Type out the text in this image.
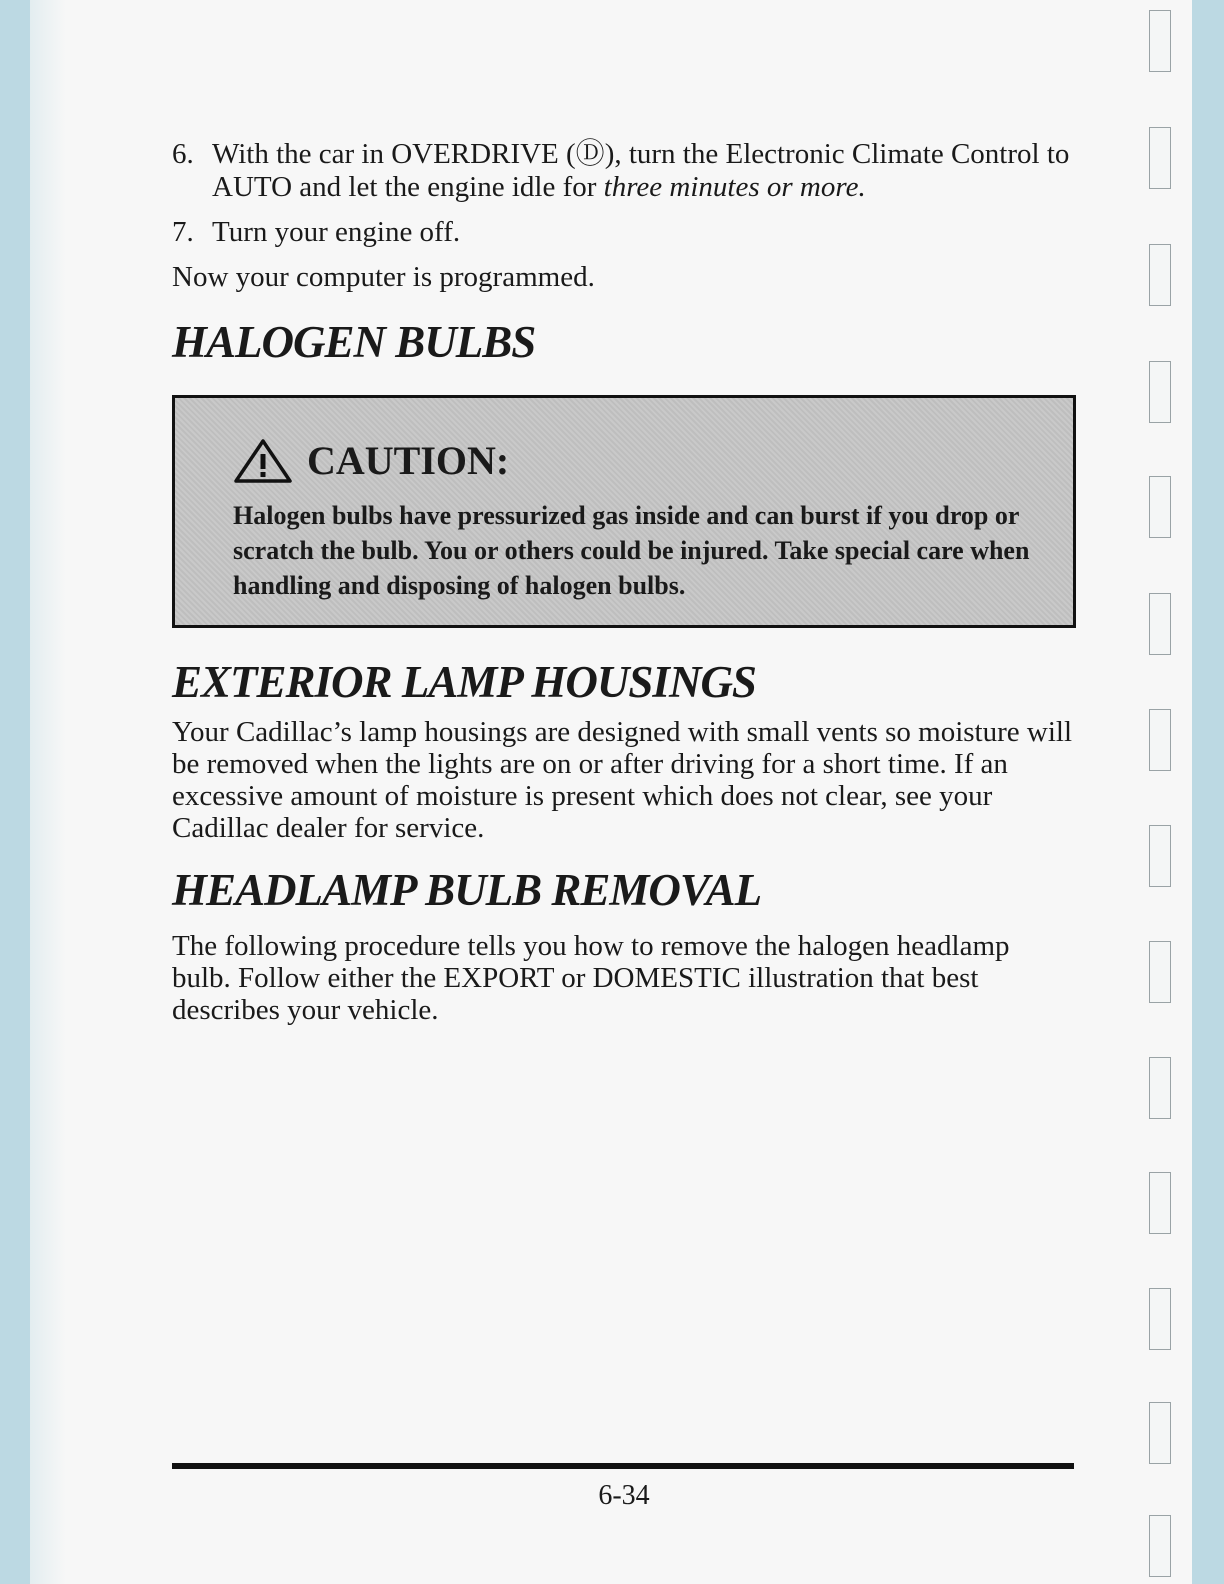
6. With the car in OVERDRIVE (Ⓓ), turn the Electronic Climate Control to AUTO and let the engine idle for three minutes or more.
7. Turn your engine off.

Now your computer is programmed.

HALOGEN BULBS
CAUTION:
Halogen bulbs have pressurized gas inside and can burst if you drop or scratch the bulb. You or others could be injured. Take special care when handling and disposing of halogen bulbs.
EXTERIOR LAMP HOUSINGS

Your Cadillac’s lamp housings are designed with small vents so moisture will be removed when the lights are on or after driving for a short time. If an excessive amount of moisture is present which does not clear, see your Cadillac dealer for service.

HEADLAMP BULB REMOVAL

The following procedure tells you how to remove the halogen headlamp bulb. Follow either the EXPORT or DOMESTIC illustration that best describes your vehicle.

6-34
